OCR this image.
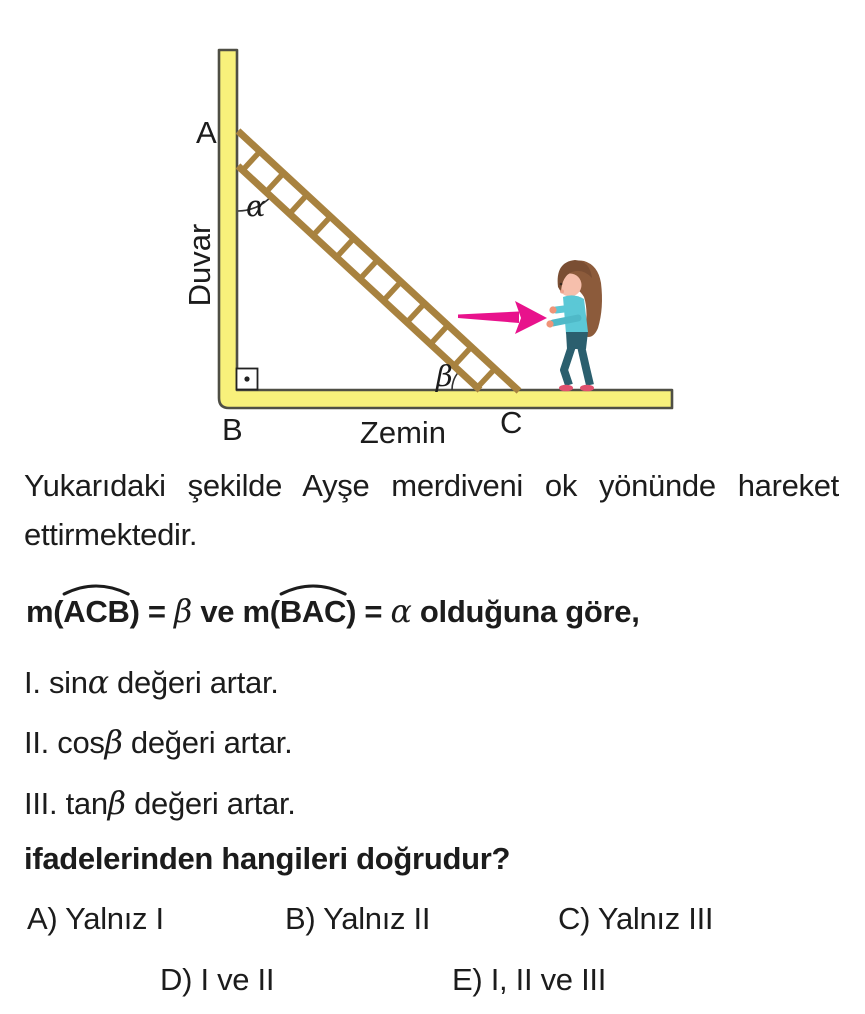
A
B	C
Duvar
Zemin
α
β
Yukarıdaki şekilde Ayşe merdiveni ok yönünde hareket
ettirmektedir.
m(
ACB) = β ve m(
BAC) = α olduğuna göre,
I. sinα değeri artar.
II. cosβ değeri artar.
III. tanβ değeri artar.
ifadelerinden hangileri doğrudur?
A) Yalnız I	B) Yalnız II	C) Yalnız III
D) I ve II	E) I, II ve III
